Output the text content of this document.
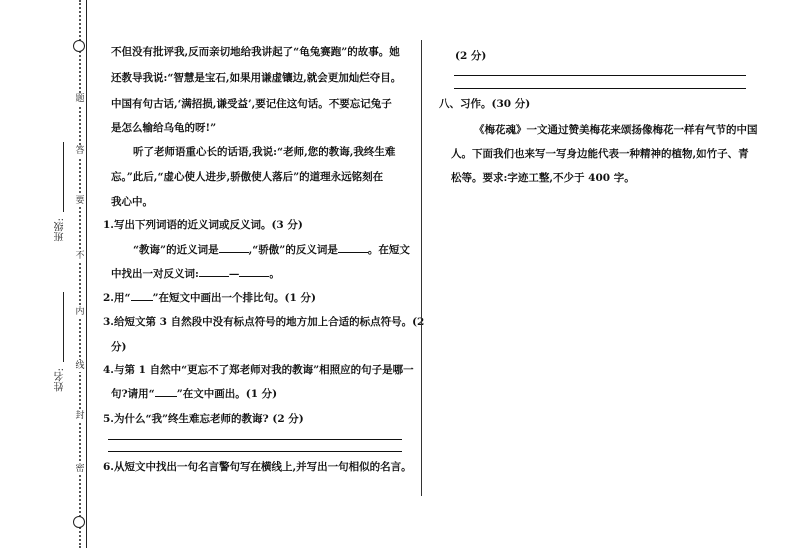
题
答
要
不
内
线
封
密
班级:
姓名:
不但没有批评我,反而亲切地给我讲起了“龟兔赛跑”的故事。她
还教导我说:“智慧是宝石,如果用谦虚镶边,就会更加灿烂夺目。
中国有句古话,‘满招损,谦受益’,要记住这句话。不要忘记兔子
是怎么输给乌龟的呀!”
听了老师语重心长的话语,我说:“老师,您的教诲,我终生难
忘。”此后,“虚心使人进步,骄傲使人落后”的道理永远铭刻在
我心中。
1.写出下列词语的近义词或反义词。(3 分)
“教诲”的近义词是	,“骄傲”的反义词是	。在短文
中找出一对反义词:	—	。
2.用“ ”在短文中画出一个排比句。(1 分)
3.给短文第 3 自然段中没有标点符号的地方加上合适的标点符号。(2
分)
4.与第 1 自然中“更忘不了郑老师对我的教诲”相照应的句子是哪一
句?请用“ ”在文中画出。(1 分)
5.为什么“我”终生难忘老师的教诲? (2 分)
6.从短文中找出一句名言警句写在横线上,并写出一句相似的名言。
(2 分)
八、习作。(30 分)
《梅花魂》一文通过赞美梅花来颂扬像梅花一样有气节的中国
人。下面我们也来写一写身边能代表一种精神的植物,如竹子、青
松等。要求:字迹工整,不少于 400 字。
